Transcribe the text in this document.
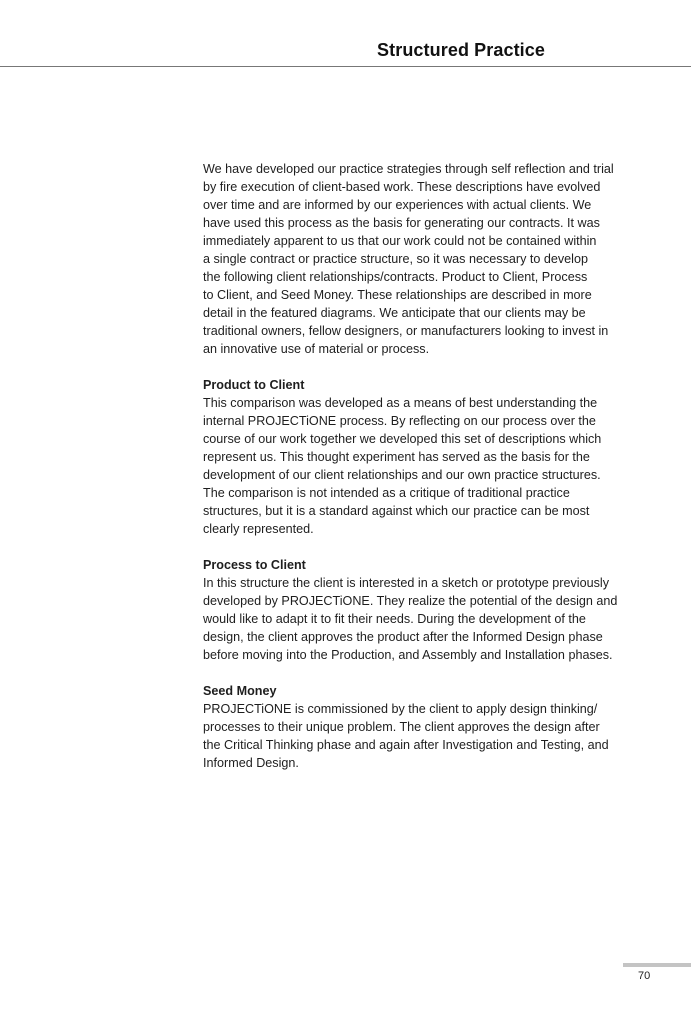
Structured Practice
We have developed our practice strategies through self reflection and trial
by fire execution of client-based work. These descriptions have evolved
over time and are informed by our experiences with actual clients. We
have used this process as the basis for generating our contracts. It was
immediately apparent to us that our work could not be contained within
a single contract or practice structure, so it was necessary to develop
the following client relationships/contracts. Product to Client, Process
to Client, and Seed Money. These relationships are described in more
detail in the featured diagrams. We anticipate that our clients may be
traditional owners, fellow designers, or manufacturers looking to invest in
an innovative use of material or process.
Product to Client
This comparison was developed as a means of best understanding the
internal PROJECTiONE process. By reflecting on our process over the
course of our work together we developed this set of descriptions which
represent us. This thought experiment has served as the basis for the
development of our client relationships and our own practice structures.
The comparison is not intended as a critique of traditional practice
structures, but it is a standard against which our practice can be most
clearly represented.
Process to Client
In this structure the client is interested in a sketch or prototype previously
developed by PROJECTiONE. They realize the potential of the design and
would like to adapt it to fit their needs. During the development of the
design, the client approves the product after the Informed Design phase
before moving into the Production, and Assembly and Installation phases.
Seed Money
PROJECTiONE is commissioned by the client to apply design thinking/
processes to their unique problem. The client approves the design after
the Critical Thinking phase and again after Investigation and Testing, and
Informed Design.
70
